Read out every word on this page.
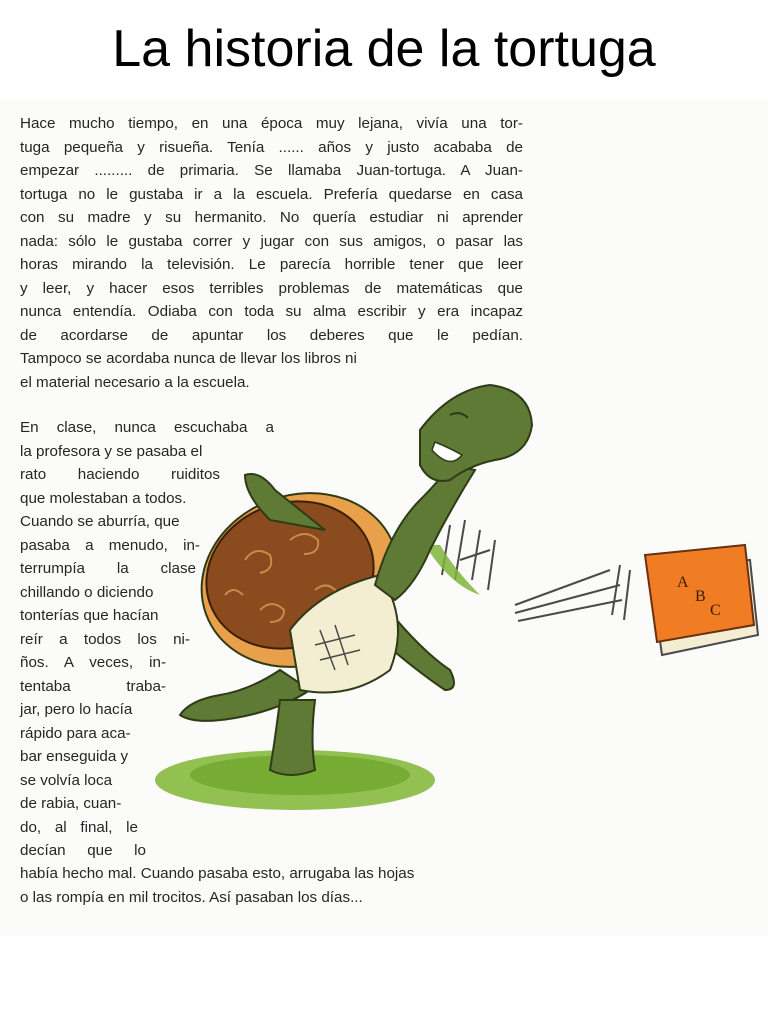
La historia de la tortuga
Hace mucho tiempo, en una época muy lejana, vivía una tor-
tuga pequeña y risueña. Tenía ...... años y justo acababa de
empezar ......... de primaria. Se llamaba Juan-tortuga. A Juan-
tortuga no le gustaba ir a la escuela. Prefería quedarse en casa
con su madre y su hermanito. No quería estudiar ni aprender
nada: sólo le gustaba correr y jugar con sus amigos, o pasar las
horas mirando la televisión. Le parecía horrible tener que leer
y leer, y hacer esos terribles problemas de matemáticas que
nunca entendía. Odiaba con toda su alma escribir y era incapaz
de acordarse de apuntar los deberes que le pedían.
Tampoco se acordaba nunca de llevar los libros ni
el material necesario a la escuela.
En clase, nunca escuchaba a
la profesora y se pasaba el
rato haciendo ruiditos
que molestaban a todos.
Cuando se aburría, que
pasaba a menudo, in-
terrumpía la clase
chillando o diciendo
tonterías que hacían
reír a todos los ni-
ños. A veces, in-
tentaba traba-
jar, pero lo hacía
rápido para aca-
bar enseguida y
se volvía loca
de rabia, cuan-
do, al final, le
decían que lo
había hecho mal. Cuando pasaba esto, arrugaba las hojas
o las rompía en mil trocitos. Así pasaban los días...
A
B
C
